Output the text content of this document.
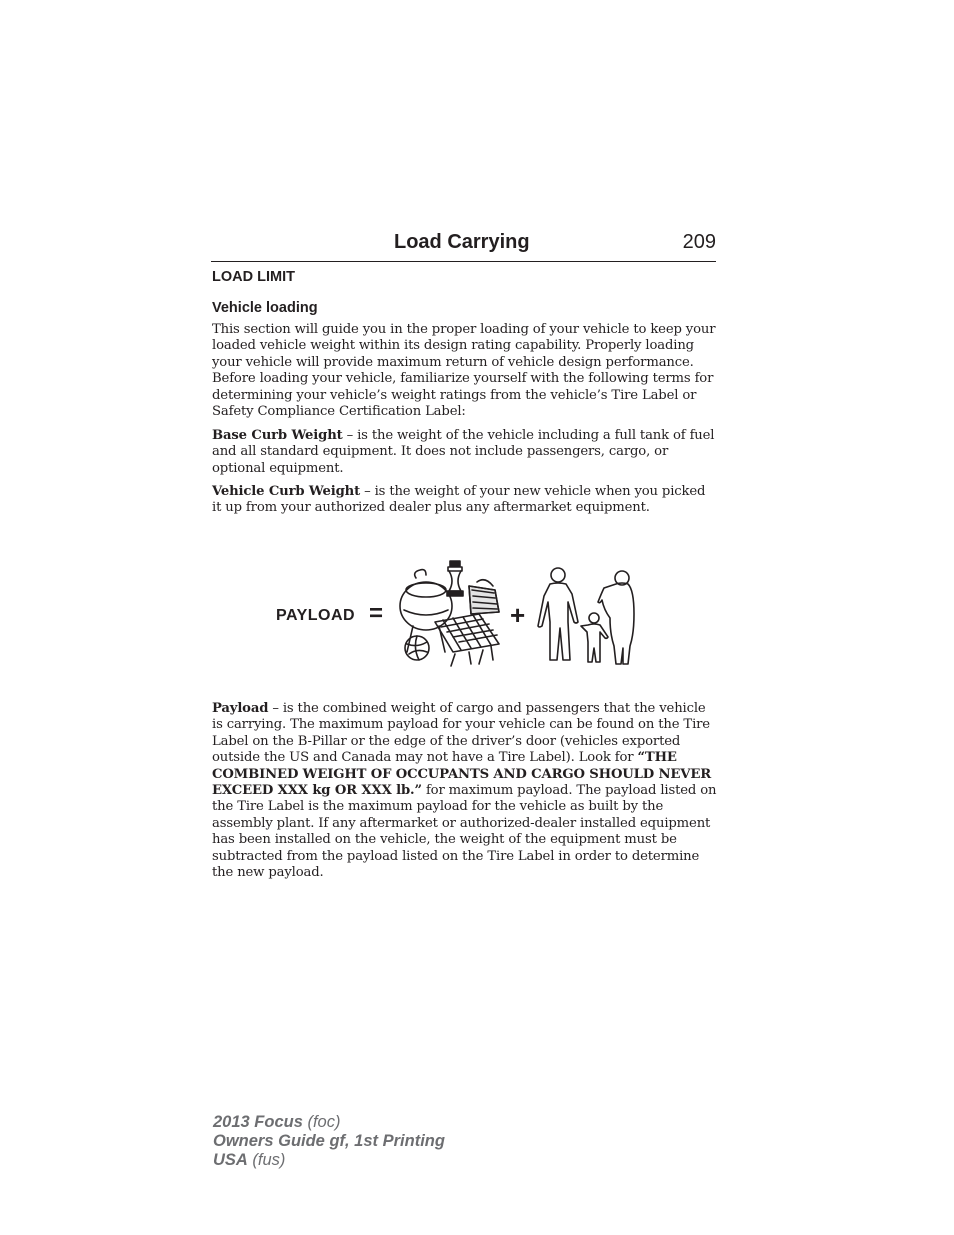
Load Carrying	209
LOAD LIMIT
Vehicle loading

This section will guide you in the proper loading of your vehicle to keep your loaded vehicle weight within its design rating capability. Properly loading your vehicle will provide maximum return of vehicle design performance. Before loading your vehicle, familiarize yourself with the following terms for determining your vehicle’s weight ratings from the vehicle’s Tire Label or Safety Compliance Certification Label:

Base Curb Weight – is the weight of the vehicle including a full tank of fuel and all standard equipment. It does not include passengers, cargo, or optional equipment.

Vehicle Curb Weight – is the weight of your new vehicle when you picked it up from your authorized dealer plus any aftermarket equipment.

PAYLOAD =	+

Payload – is the combined weight of cargo and passengers that the vehicle is carrying. The maximum payload for your vehicle can be found on the Tire Label on the B-Pillar or the edge of the driver’s door (vehicles exported outside the US and Canada may not have a Tire Label). Look for “THE COMBINED WEIGHT OF OCCUPANTS AND CARGO SHOULD NEVER EXCEED XXX kg OR XXX lb.” for maximum payload. The payload listed on the Tire Label is the maximum payload for the vehicle as built by the assembly plant. If any aftermarket or authorized-dealer installed equipment has been installed on the vehicle, the weight of the equipment must be subtracted from the payload listed on the Tire Label in order to determine the new payload.

2013 Focus (foc)
Owners Guide gf, 1st Printing
USA (fus)
